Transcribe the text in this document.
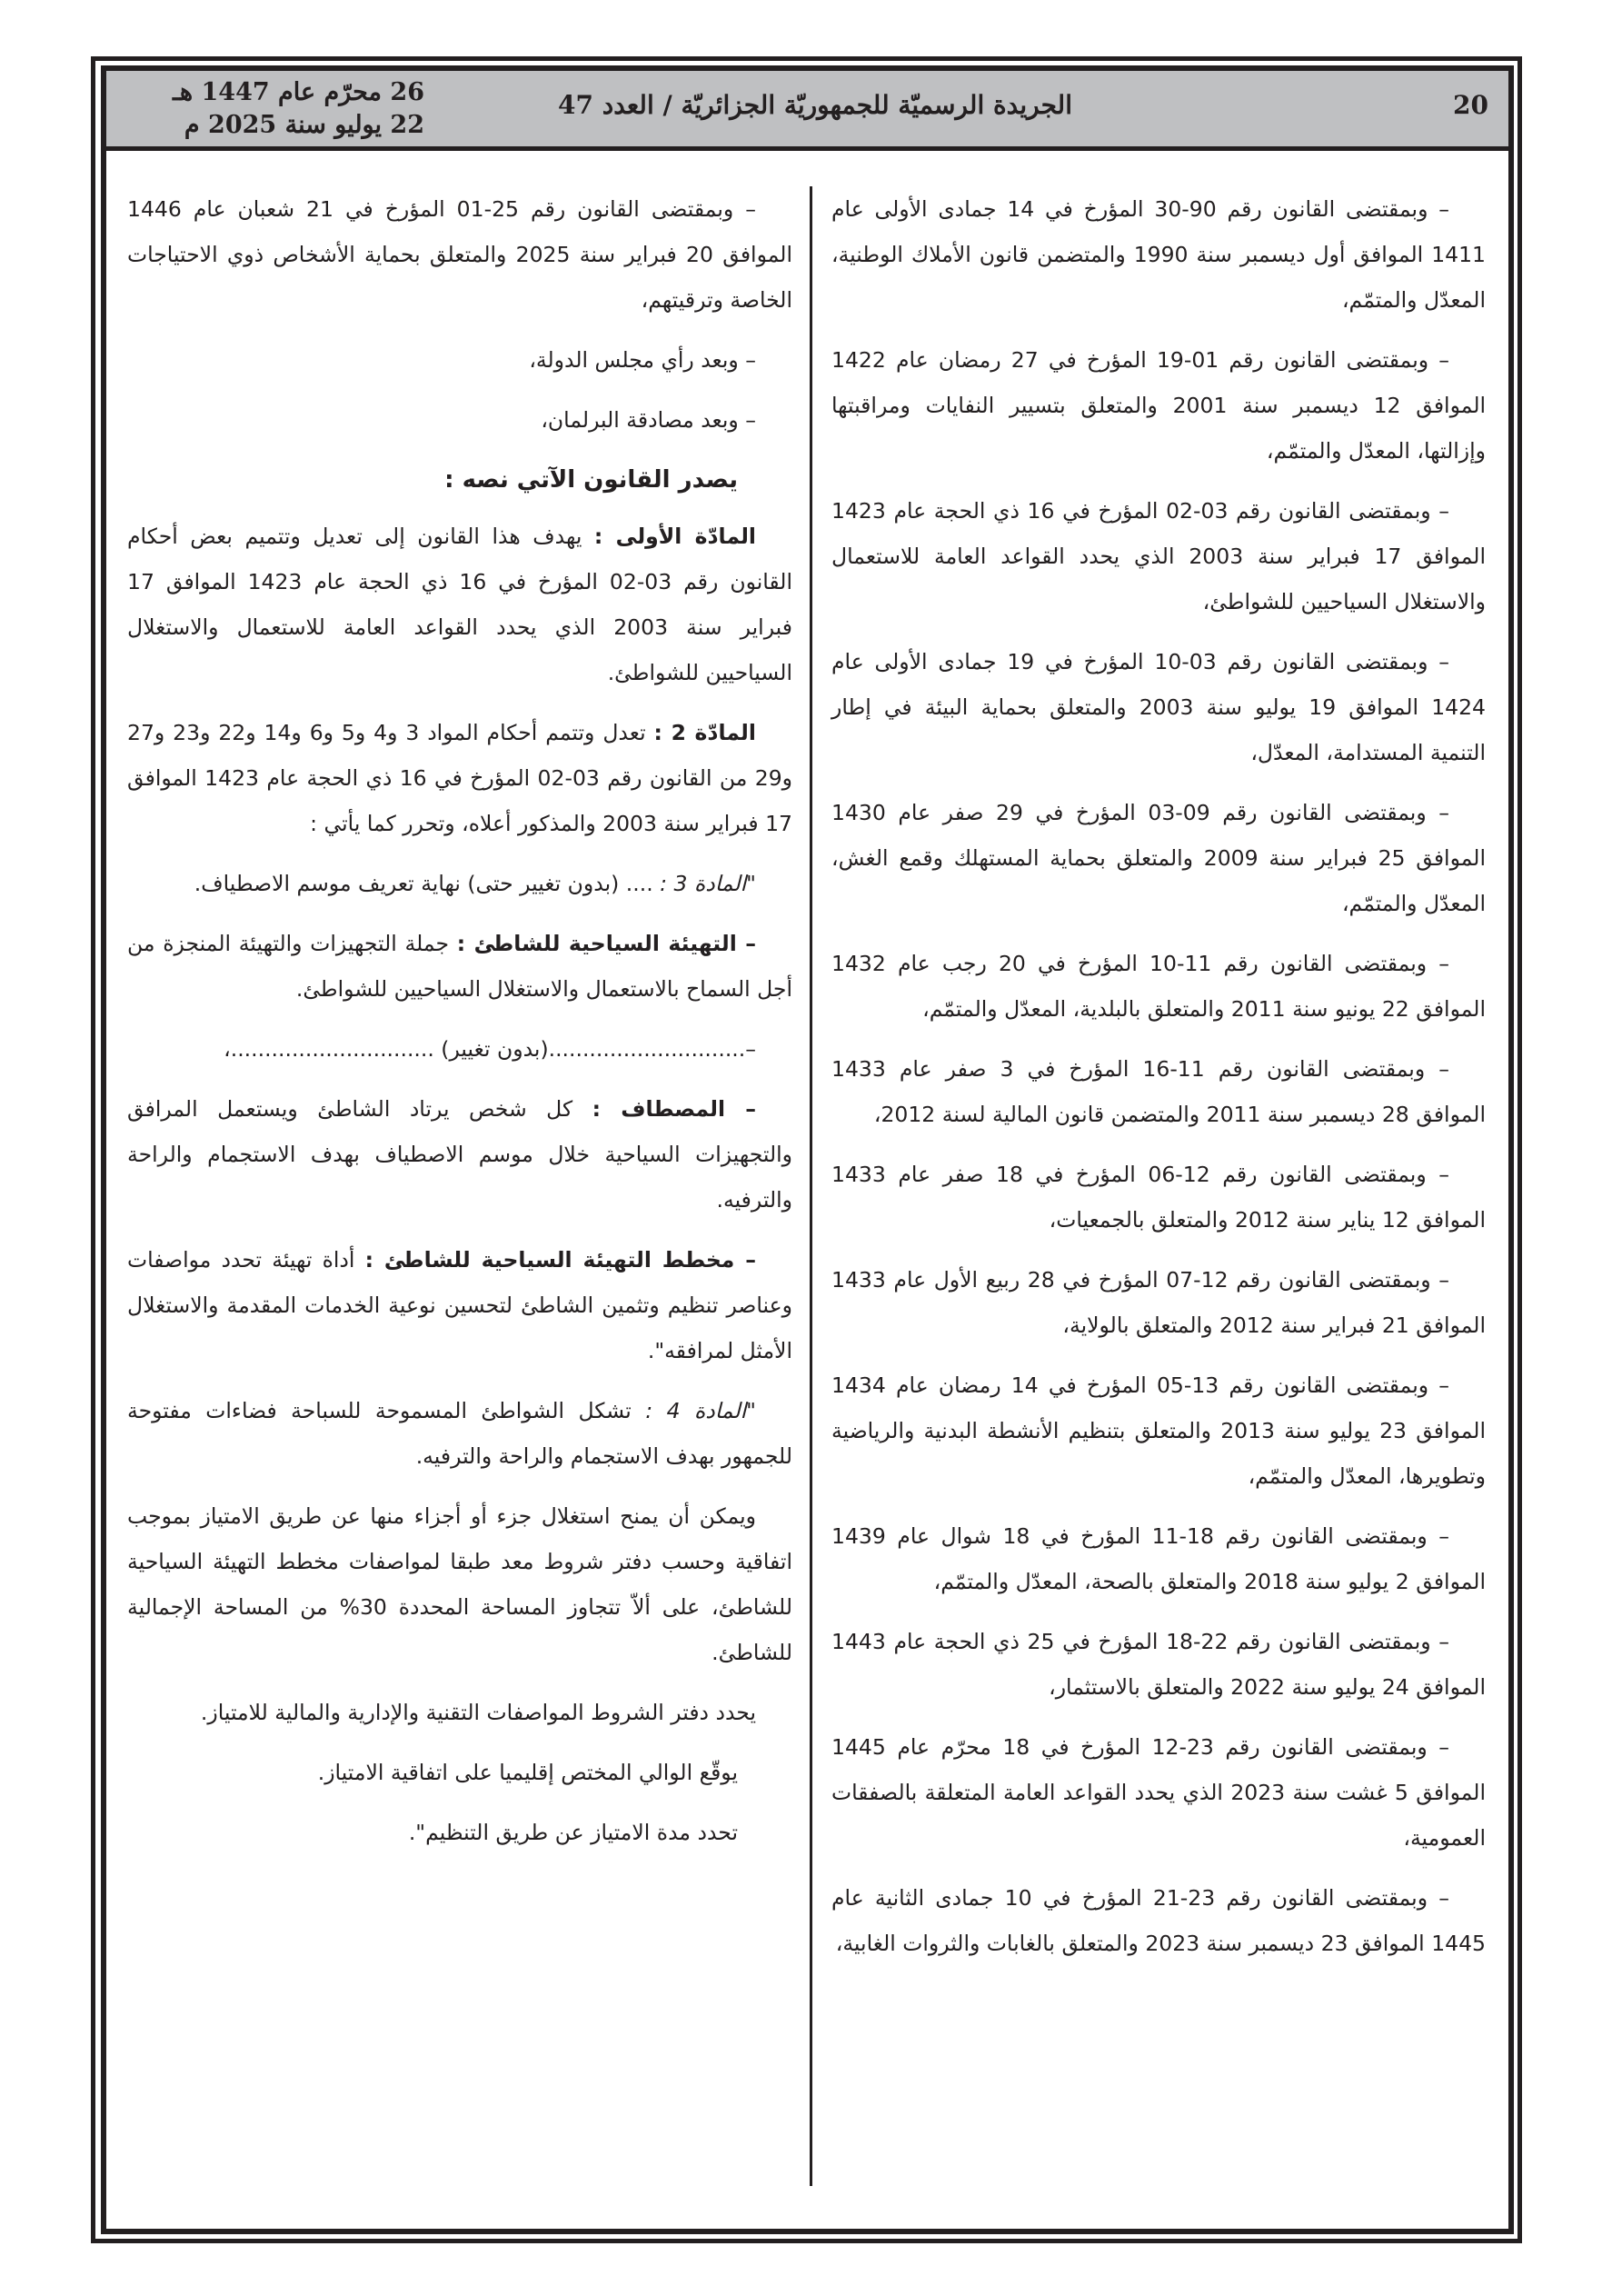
26 محرّم عام 1447 هـ
22 يوليو سنة 2025 م
الجريدة الرسميّة للجمهوريّة الجزائريّة / العدد 47	20

– وبمقتضى القانون رقم 90-30 المؤرخ في 14 جمادى الأولى عام 1411 الموافق أول ديسمبر سنة 1990 والمتضمن قانون الأملاك الوطنية، المعدّل والمتمّم،

– وبمقتضى القانون رقم 01-19 المؤرخ في 27 رمضان عام 1422 الموافق 12 ديسمبر سنة 2001 والمتعلق بتسيير النفايات ومراقبتها وإزالتها، المعدّل والمتمّم،

– وبمقتضى القانون رقم 03-02 المؤرخ في 16 ذي الحجة عام 1423 الموافق 17 فبراير سنة 2003 الذي يحدد القواعد العامة للاستعمال والاستغلال السياحيين للشواطئ،

– وبمقتضى القانون رقم 03-10 المؤرخ في 19 جمادى الأولى عام 1424 الموافق 19 يوليو سنة 2003 والمتعلق بحماية البيئة في إطار التنمية المستدامة، المعدّل،

– وبمقتضى القانون رقم 09-03 المؤرخ في 29 صفر عام 1430 الموافق 25 فبراير سنة 2009 والمتعلق بحماية المستهلك وقمع الغش، المعدّل والمتمّم،

– وبمقتضى القانون رقم 11-10 المؤرخ في 20 رجب عام 1432 الموافق 22 يونيو سنة 2011 والمتعلق بالبلدية، المعدّل والمتمّم،

– وبمقتضى القانون رقم 11-16 المؤرخ في 3 صفر عام 1433 الموافق 28 ديسمبر سنة 2011 والمتضمن قانون المالية لسنة 2012،

– وبمقتضى القانون رقم 12-06 المؤرخ في 18 صفر عام 1433 الموافق 12 يناير سنة 2012 والمتعلق بالجمعيات،

– وبمقتضى القانون رقم 12-07 المؤرخ في 28 ربيع الأول عام 1433 الموافق 21 فبراير سنة 2012 والمتعلق بالولاية،

– وبمقتضى القانون رقم 13-05 المؤرخ في 14 رمضان عام 1434 الموافق 23 يوليو سنة 2013 والمتعلق بتنظيم الأنشطة البدنية والرياضية وتطويرها، المعدّل والمتمّم،

– وبمقتضى القانون رقم 18-11 المؤرخ في 18 شوال عام 1439 الموافق 2 يوليو سنة 2018 والمتعلق بالصحة، المعدّل والمتمّم،

– وبمقتضى القانون رقم 22-18 المؤرخ في 25 ذي الحجة عام 1443 الموافق 24 يوليو سنة 2022 والمتعلق بالاستثمار،

– وبمقتضى القانون رقم 23-12 المؤرخ في 18 محرّم عام 1445 الموافق 5 غشت سنة 2023 الذي يحدد القواعد العامة المتعلقة بالصفقات العمومية،

– وبمقتضى القانون رقم 23-21 المؤرخ في 10 جمادى الثانية عام 1445 الموافق 23 ديسمبر سنة 2023 والمتعلق بالغابات والثروات الغابية،

– وبمقتضى القانون رقم 25-01 المؤرخ في 21 شعبان عام 1446 الموافق 20 فبراير سنة 2025 والمتعلق بحماية الأشخاص ذوي الاحتياجات الخاصة وترقيتهم،

– وبعد رأي مجلس الدولة،

– وبعد مصادقة البرلمان،

يصدر القانون الآتي نصه :

المادّة الأولى : يهدف هذا القانون إلى تعديل وتتميم بعض أحكام القانون رقم 03-02 المؤرخ في 16 ذي الحجة عام 1423 الموافق 17 فبراير سنة 2003 الذي يحدد القواعد العامة للاستعمال والاستغلال السياحيين للشواطئ.

المادّة 2 : تعدل وتتمم أحكام المواد 3 و4 و5 و6 و14 و22 و23 و27 و29 من القانون رقم 03-02 المؤرخ في 16 ذي الحجة عام 1423 الموافق 17 فبراير سنة 2003 والمذكور أعلاه، وتحرر كما يأتي :

"المادة 3 : .... (بدون تغيير حتى) نهاية تعريف موسم الاصطياف.

– التهيئة السياحية للشاطئ : جملة التجهيزات والتهيئة المنجزة من أجل السماح بالاستعمال والاستغلال السياحيين للشواطئ.

–.............................(بدون تغيير) ..............................،

– المصطاف : كل شخص يرتاد الشاطئ ويستعمل المرافق والتجهيزات السياحية خلال موسم الاصطياف بهدف الاستجمام والراحة والترفيه.

– مخطط التهيئة السياحية للشاطئ : أداة تهيئة تحدد مواصفات وعناصر تنظيم وتثمين الشاطئ لتحسين نوعية الخدمات المقدمة والاستغلال الأمثل لمرافقه".

"المادة 4 : تشكل الشواطئ المسموحة للسباحة فضاءات مفتوحة للجمهور بهدف الاستجمام والراحة والترفيه.

ويمكن أن يمنح استغلال جزء أو أجزاء منها عن طريق الامتياز بموجب اتفاقية وحسب دفتر شروط معد طبقا لمواصفات مخطط التهيئة السياحية للشاطئ، على ألاّ تتجاوز المساحة المحددة 30% من المساحة الإجمالية للشاطئ.

يحدد دفتر الشروط المواصفات التقنية والإدارية والمالية للامتياز.

يوقّع الوالي المختص إقليميا على اتفاقية الامتياز.

تحدد مدة الامتياز عن طريق التنظيم".
